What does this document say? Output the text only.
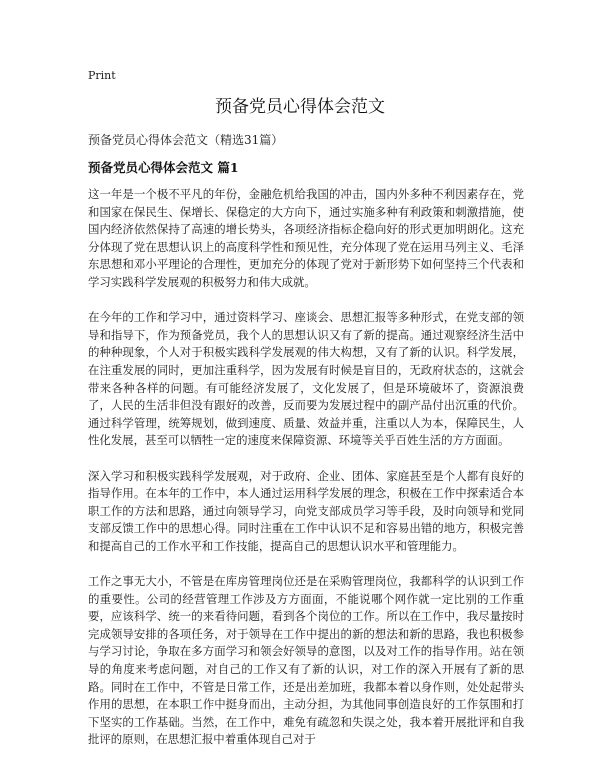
Print
预备党员心得体会范文
预备党员心得体会范文（精选31篇）
预备党员心得体会范文 篇1

这一年是一个极不平凡的年份，金融危机给我国的冲击，国内外多种不利因素存在，党和国家在保民生、保增长、保稳定的大方向下，通过实施多种有利政策和刺激措施，使国内经济依然保持了高速的增长势头，各项经济指标企稳向好的形式更加明朗化。这充分体现了党在思想认识上的高度科学性和预见性，充分体现了党在运用马列主义、毛泽东思想和邓小平理论的合理性，更加充分的体现了党对于新形势下如何坚持三个代表和学习实践科学发展观的积极努力和伟大成就。

在今年的工作和学习中，通过资料学习、座谈会、思想汇报等多种形式，在党支部的领导和指导下，作为预备党员，我个人的思想认识又有了新的提高。通过观察经济生活中的种种现象，个人对于积极实践科学发展观的伟大构想，又有了新的认识。科学发展，在注重发展的同时，更加注重科学，因为发展有时候是盲目的，无政府状态的，这就会带来各种各样的问题。有可能经济发展了，文化发展了，但是环境破坏了，资源浪费了，人民的生活非但没有跟好的改善，反而要为发展过程中的副产品付出沉重的代价。通过科学管理，统筹规划，做到速度、质量、效益并重，注重以人为本，保障民生，人性化发展，甚至可以牺牲一定的速度来保障资源、环境等关乎百姓生活的方方面面。

深入学习和积极实践科学发展观，对于政府、企业、团体、家庭甚至是个人都有良好的指导作用。在本年的工作中，本人通过运用科学发展的理念，积极在工作中探索适合本职工作的方法和思路，通过向领导学习，向党支部成员学习等手段，及时向领导和党同支部反馈工作中的思想心得。同时注重在工作中认识不足和容易出错的地方，积极完善和提高自己的工作水平和工作技能，提高自己的思想认识水平和管理能力。

工作之事无大小，不管是在库房管理岗位还是在采购管理岗位，我都科学的认识到工作的重要性。公司的经营管理工作涉及方方面面，不能说哪个网作就一定比别的工作重要，应该科学、统一的来看待问题，看到各个岗位的工作。所以在工作中，我尽量按时完成领导安排的各项任务，对于领导在工作中提出的新的想法和新的思路，我也积极参与学习讨论，争取在多方面学习和领会好领导的意图，以及对工作的指导作用。站在领导的角度来考虑问题，对自己的工作又有了新的认识，对工作的深入开展有了新的思路。同时在工作中，不管是日常工作，还是出差加班，我都本着以身作则，处处起带头作用的思想，在本职工作中挺身而出，主动分担，为其他同事创造良好的工作氛围和打下坚实的工作基础。当然，在工作中，难免有疏忽和失误之处，我本着开展批评和自我批评的原则，在思想汇报中着重体现自己对于
